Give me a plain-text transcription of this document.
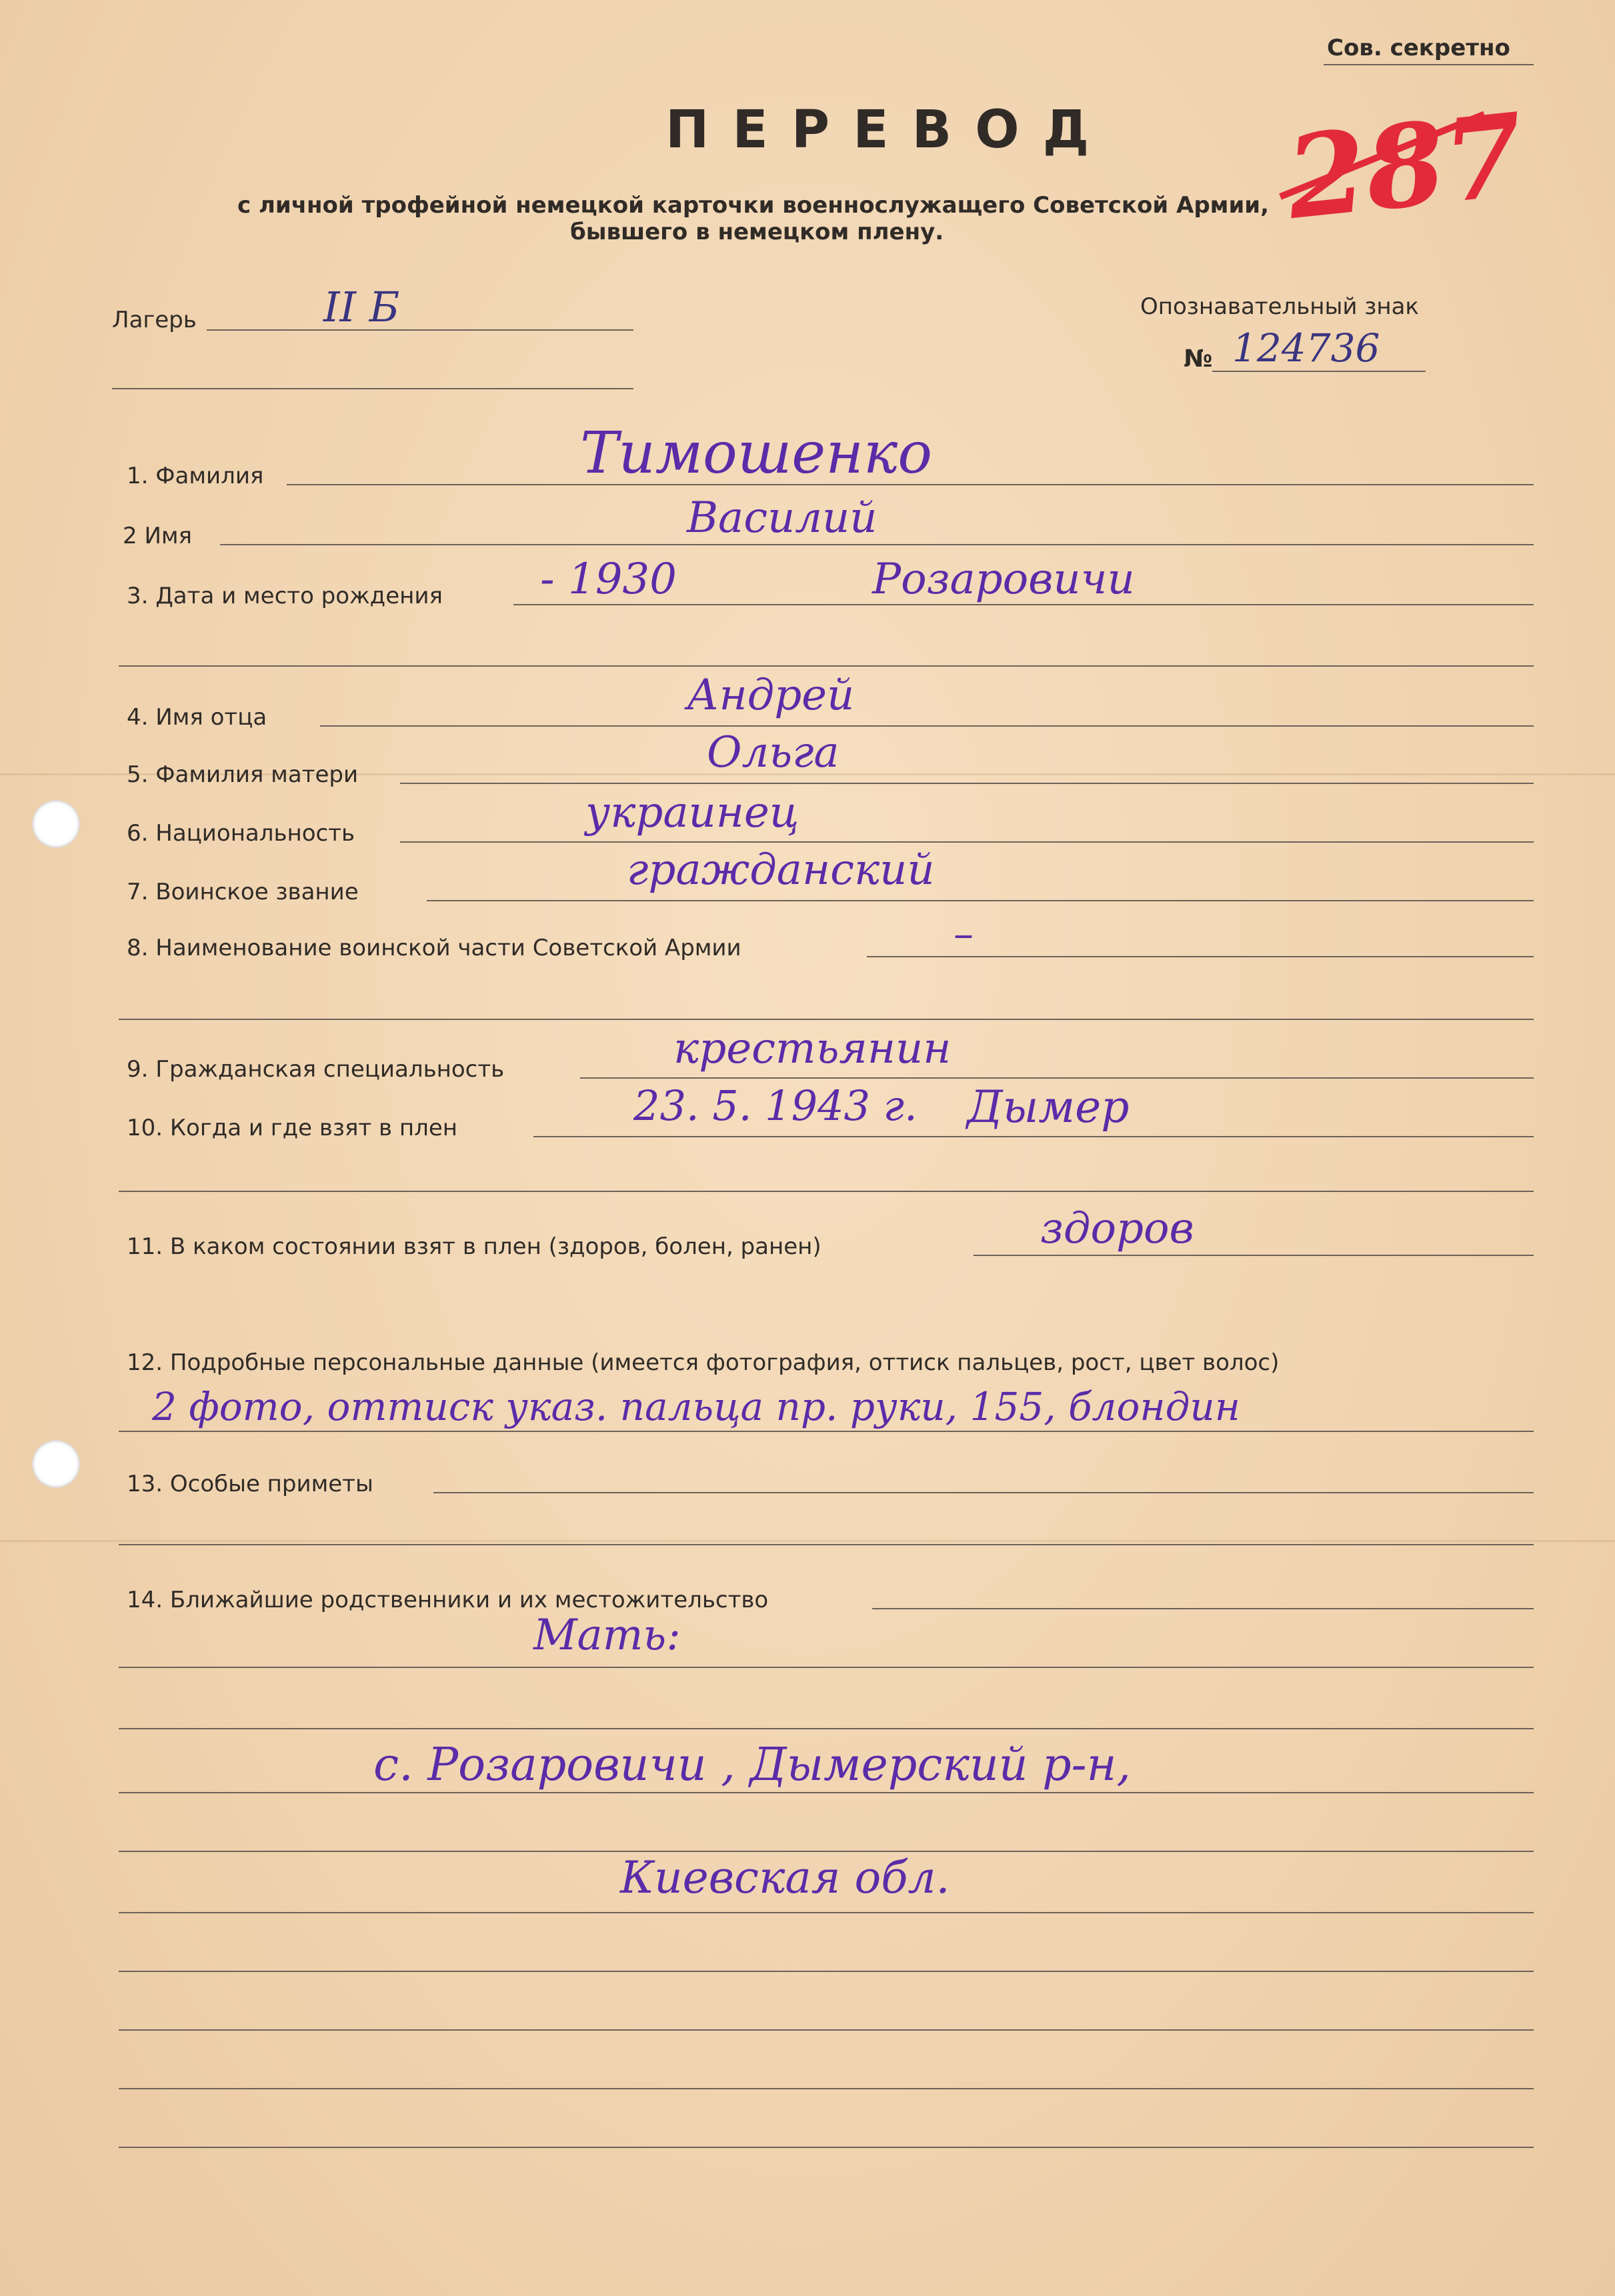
Сов. секретно
П Е Р Е В О Д
с личной трофейной немецкой карточки военнослужащего Советской Армии,
бывшего в немецком плену.	287
Лагерь	II Б	Опознавательный знак
№ 124736
1. Фамилия	Тимошенко
2 Имя	Василий
3. Дата и место рождения - 1930	Розаровичи
4. Имя отца	Андрей
5. Фамилия матери	Ольга
6. Национальность	украинец
7. Воинское звание	гражданский
8. Наименование воинской части Советской Армии	–
9. Гражданская специальность	крестьянин
10. Когда и где взят в плен	23. 5. 1943 г. Дымер
11. В каком состоянии взят в плен (здоров, болен, ранен)	здоров
12. Подробные персональные данные (имеется фотография, оттиск пальцев, рост, цвет волос)
2 фото, оттиск указ. пальца пр. руки, 155, блондин
13. Особые приметы
14. Ближайшие родственники и их местожительство
Мать:
с. Розаровичи , Дымерский р-н,
Киевская обл.
